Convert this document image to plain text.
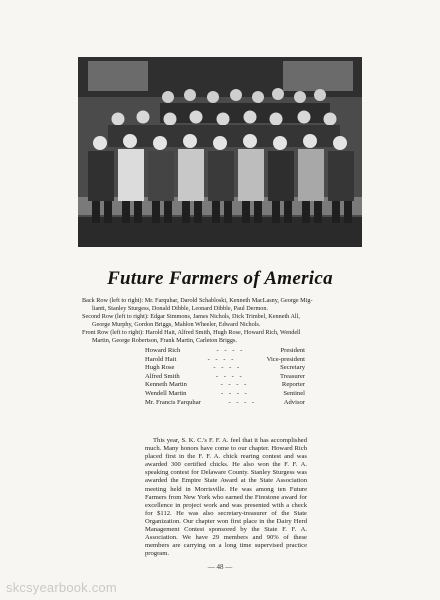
Future Farmers of America

Back Row (left to right): Mr. Farquhar, Darold Schabloski, Kenneth MacLasny, George Mig-

liantt, Stanley Sturgess, Donald Dibble, Leonard Dibble, Paul Dermon.

Second Row (left to right): Edgar Simmons, James Nichols, Dick Trimbel, Kenneth All,

George Murphy, Gordon Briggs, Mahlon Wheeler, Edward Nichols.

Front Row (left to right): Harold Hait, Alfred Smith, Hugh Rose, Howard Rich, Wendell

Martin, George Robertson, Frank Martin, Carleton Briggs.

Howard Rich	- - - -	President
Harold Hait	- - - -	Vice-president
Hugh Rose	- - - -	Secretary
Alfred Smith	- - - -	Treasurer
Kenneth Martin	- - - -	Reporter
Wendell Martin	- - - -	Sentinel
Mr. Francis Farquhar	- - - -	Advisor
This year, S. K. C.'s F. F. A. feel that it has accomplished much. Many honors have come to our chapter. Howard Rich placed first in the F. F. A. chick rearing contest and was awarded 300 certified chicks. He also won the F. F. A. speaking contest for Delaware County. Stanley Sturgess was awarded the Empire State Award at the State Association meeting held in Morrisville. He was among ten Future Farmers from New York who earned the Firestone award for excellence in project work and was presented with a check for $112. He was also secretary-treasurer of the State Organization. Our chapter won first place in the Dairy Herd Management Contest sponsored by the State F. F. A. Association. We have 29 members and 90% of these members are carrying on a long time supervised practice program.
— 48 —
skcsyearbook.com
